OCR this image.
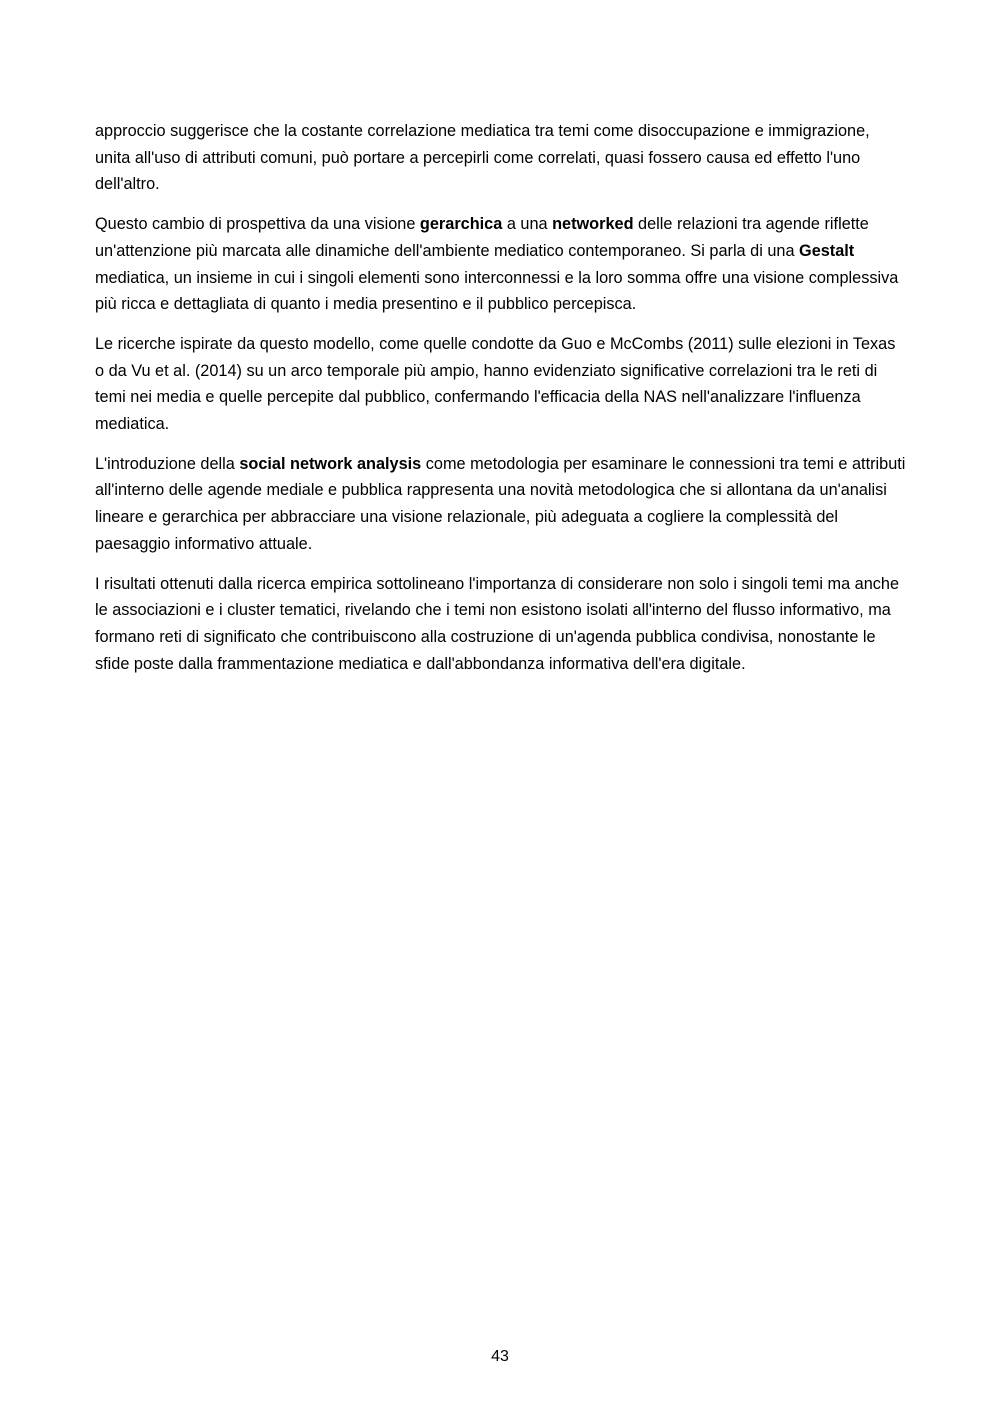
approccio suggerisce che la costante correlazione mediatica tra temi come disoccupazione e immigrazione, unita all'uso di attributi comuni, può portare a percepirli come correlati, quasi fossero causa ed effetto l'uno dell'altro.

Questo cambio di prospettiva da una visione gerarchica a una networked delle relazioni tra agende riflette un'attenzione più marcata alle dinamiche dell'ambiente mediatico contemporaneo. Si parla di una Gestalt mediatica, un insieme in cui i singoli elementi sono interconnessi e la loro somma offre una visione complessiva più ricca e dettagliata di quanto i media presentino e il pubblico percepisca.

Le ricerche ispirate da questo modello, come quelle condotte da Guo e McCombs (2011) sulle elezioni in Texas o da Vu et al. (2014) su un arco temporale più ampio, hanno evidenziato significative correlazioni tra le reti di temi nei media e quelle percepite dal pubblico, confermando l'efficacia della NAS nell'analizzare l'influenza mediatica.

L'introduzione della social network analysis come metodologia per esaminare le connessioni tra temi e attributi all'interno delle agende mediale e pubblica rappresenta una novità metodologica che si allontana da un'analisi lineare e gerarchica per abbracciare una visione relazionale, più adeguata a cogliere la complessità del paesaggio informativo attuale.

I risultati ottenuti dalla ricerca empirica sottolineano l'importanza di considerare non solo i singoli temi ma anche le associazioni e i cluster tematici, rivelando che i temi non esistono isolati all'interno del flusso informativo, ma formano reti di significato che contribuiscono alla costruzione di un'agenda pubblica condivisa, nonostante le sfide poste dalla frammentazione mediatica e dall'abbondanza informativa dell'era digitale.

43
